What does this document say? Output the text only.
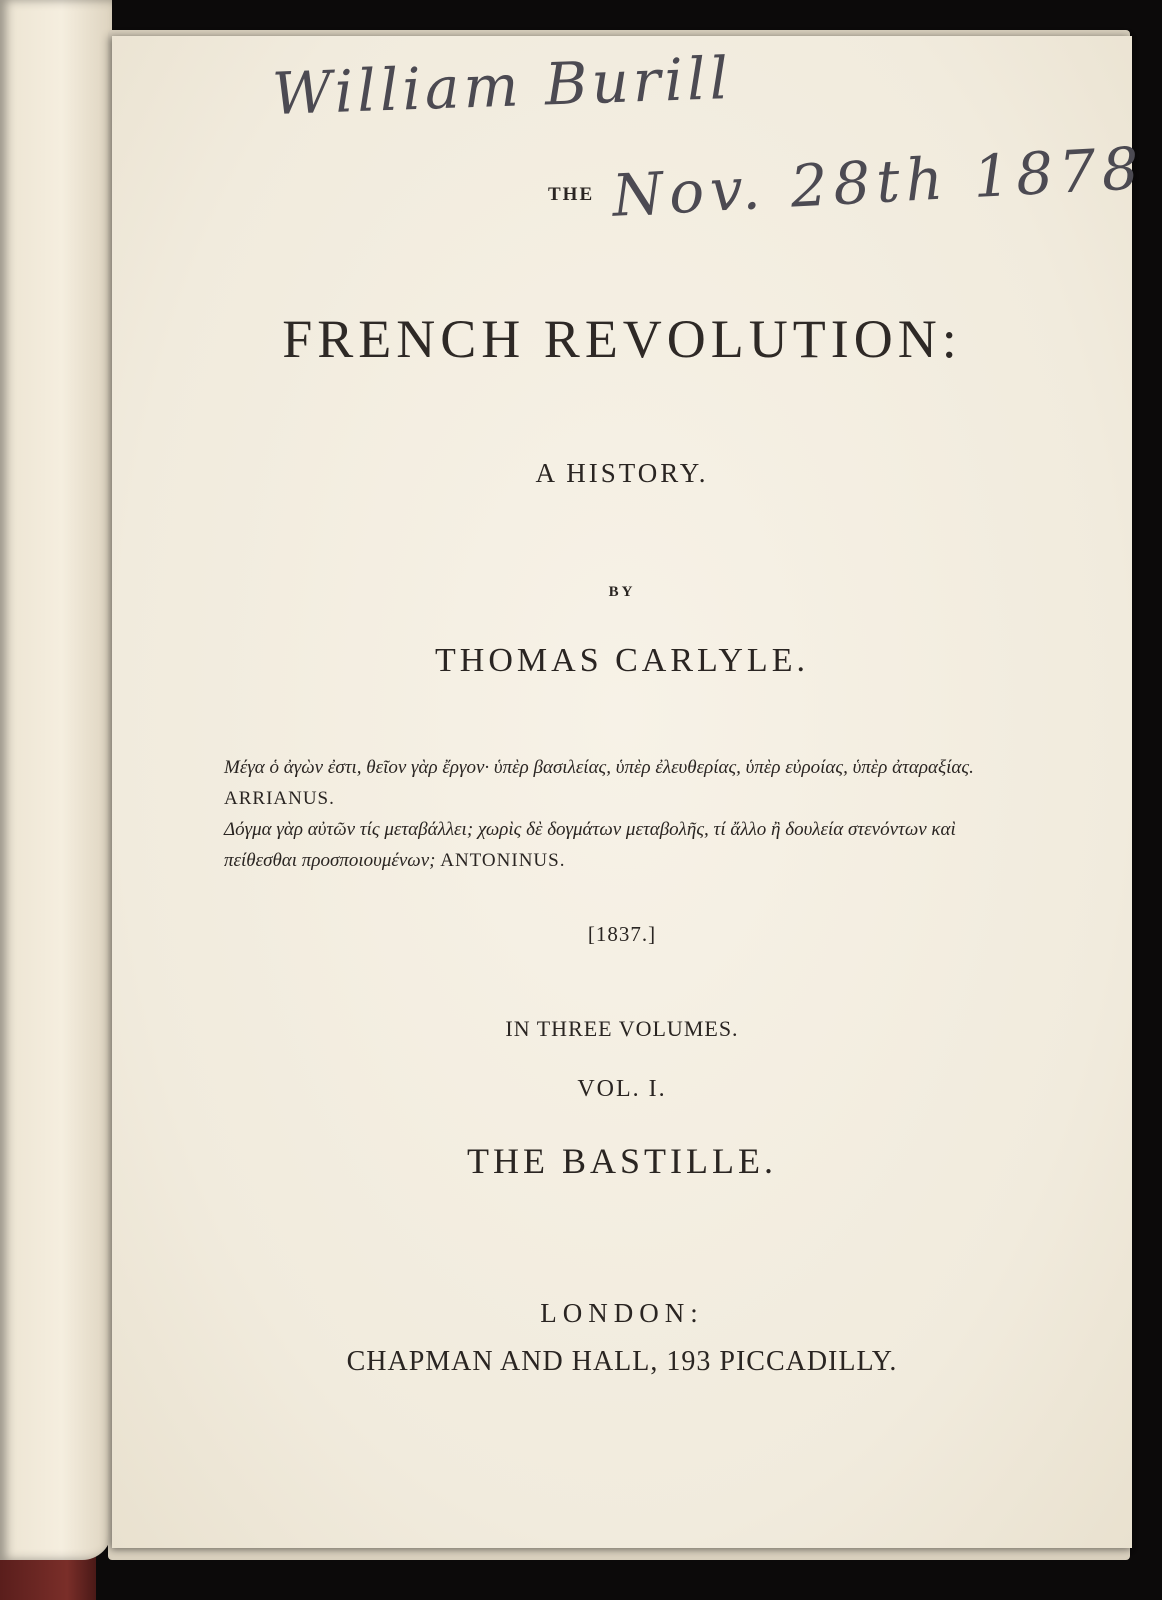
William Burill
THE Nov. 28th 1878
FRENCH REVOLUTION:
A HISTORY.
BY
THOMAS CARLYLE.
Μέγα ὁ ἀγὼν ἐστι, θεῖον γὰρ ἔργον· ὑπὲρ βασιλείας, ὑπὲρ ἐλευθερίας, ὑπὲρ εὐροίας, ὑπὲρ ἀταραξίας. ARRIANUS.
Δόγμα γὰρ αὐτῶν τίς μεταβάλλει; χωρὶς δὲ δογμάτων μεταβολῆς, τί ἄλλο ἢ δουλεία στενόντων καὶ πείθεσθαι προσποιουμένων; ANTONINUS.
[1837.]
IN THREE VOLUMES.
VOL. I.
THE BASTILLE.
LONDON:
CHAPMAN AND HALL, 193 PICCADILLY.
